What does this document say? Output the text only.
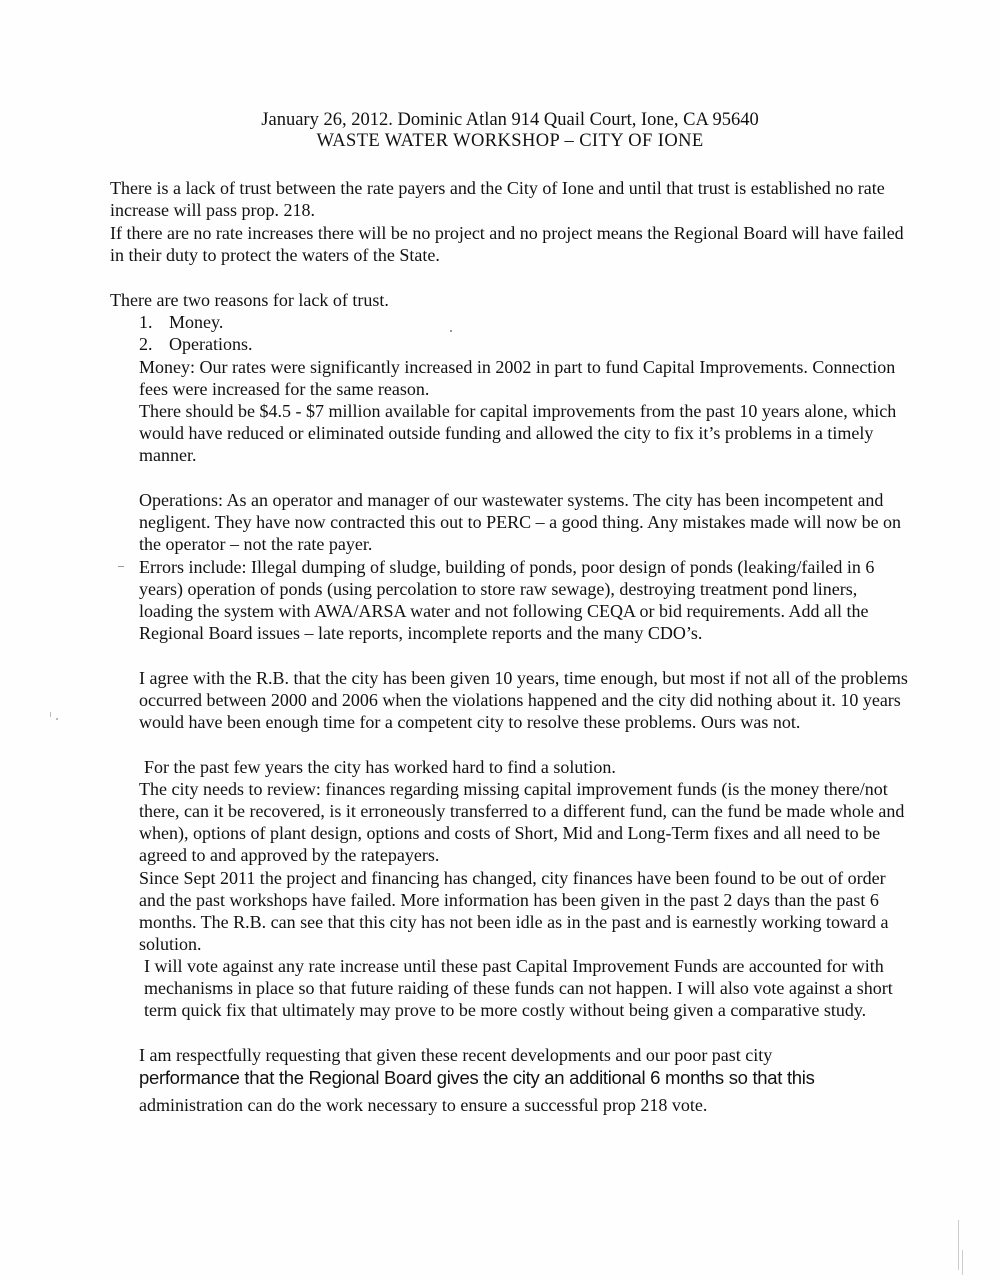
January 26, 2012. Dominic Atlan 914 Quail Court, Ione, CA 95640
WASTE WATER WORKSHOP – CITY OF IONE

There is a lack of trust between the rate payers and the City of Ione and until that trust is established no rate increase will pass prop. 218.

If there are no rate increases there will be no project and no project means the Regional Board will have failed in their duty to protect the waters of the State.

There are two reasons for lack of trust.

1. Money.
2. Operations.

Money: Our rates were significantly increased in 2002 in part to fund Capital Improvements. Connection fees were increased for the same reason.

There should be $4.5 - $7 million available for capital improvements from the past 10 years alone, which would have reduced or eliminated outside funding and allowed the city to fix it’s problems in a timely manner.

Operations: As an operator and manager of our wastewater systems. The city has been incompetent and negligent. They have now contracted this out to PERC – a good thing. Any mistakes made will now be on the operator – not the rate payer.

Errors include: Illegal dumping of sludge, building of ponds, poor design of ponds (leaking/failed in 6 years) operation of ponds (using percolation to store raw sewage), destroying treatment pond liners, loading the system with AWA/ARSA water and not following CEQA or bid requirements. Add all the Regional Board issues – late reports, incomplete reports and the many CDO’s.

I agree with the R.B. that the city has been given 10 years, time enough, but most if not all of the problems occurred between 2000 and 2006 when the violations happened and the city did nothing about it. 10 years would have been enough time for a competent city to resolve these problems. Ours was not.

For the past few years the city has worked hard to find a solution.

The city needs to review: finances regarding missing capital improvement funds (is the money there/not there, can it be recovered, is it erroneously transferred to a different fund, can the fund be made whole and when), options of plant design, options and costs of Short, Mid and Long-Term fixes and all need to be agreed to and approved by the ratepayers.

Since Sept 2011 the project and financing has changed, city finances have been found to be out of order and the past workshops have failed. More information has been given in the past 2 days than the past 6 months. The R.B. can see that this city has not been idle as in the past and is earnestly working toward a solution.

I will vote against any rate increase until these past Capital Improvement Funds are accounted for with mechanisms in place so that future raiding of these funds can not happen. I will also vote against a short term quick fix that ultimately may prove to be more costly without being given a comparative study.

I am respectfully requesting that given these recent developments and our poor past city

performance that the Regional Board gives the city an additional 6 months so that this

administration can do the work necessary to ensure a successful prop 218 vote.
